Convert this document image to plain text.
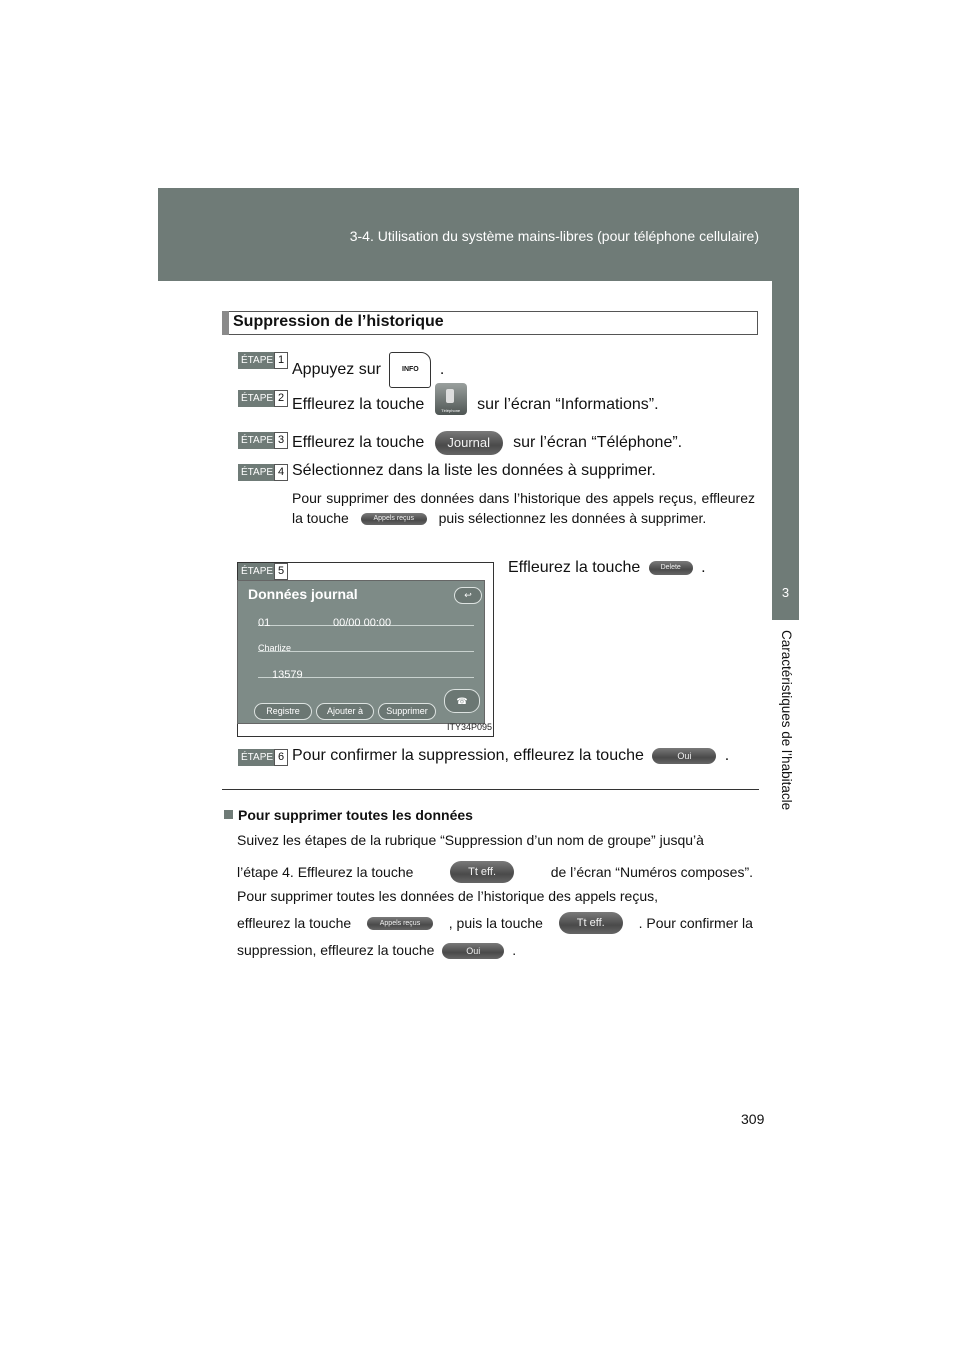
3-4. Utilisation du système mains-libres (pour téléphone cellulaire)
3
Caractéristiques de l’habitacle
Suppression de l’historique
ÉTAPE 1
Appuyez sur	INFO .
ÉTAPE 2 Effleurez la touche	Téléphone	sur l’écran “Informations”.
ÉTAPE 3 Effleurez la touche Journal sur l’écran “Téléphone”.
ÉTAPE 4 Sélectionnez dans la liste les données à supprimer.
Pour supprimer des données dans l’historique des appels reçus, effleurez la touche	Appels reçus puis sélectionnez les données à supprimer.
ÉTAPE 5
Données journal	↩
01	00/00 00:00
Charlize
13579
☎
Registre	Ajouter à	Supprimer
ITY34P095
Effleurez la touche	Delete .
ÉTAPE 6 Pour confirmer la suppression, effleurez la touche	Oui .
Pour supprimer toutes les données
Suivez les étapes de la rubrique “Suppression d’un nom de groupe” jusqu’à
l’étape 4. Effleurez la touche	Tt eff.	de l’écran “Numéros composes”.
Pour supprimer toutes les données de l’historique des appels reçus,
effleurez la touche	Appels reçus	, puis la touche	Tt eff.	. Pour confirmer la
suppression, effleurez la touche	Oui .
309
